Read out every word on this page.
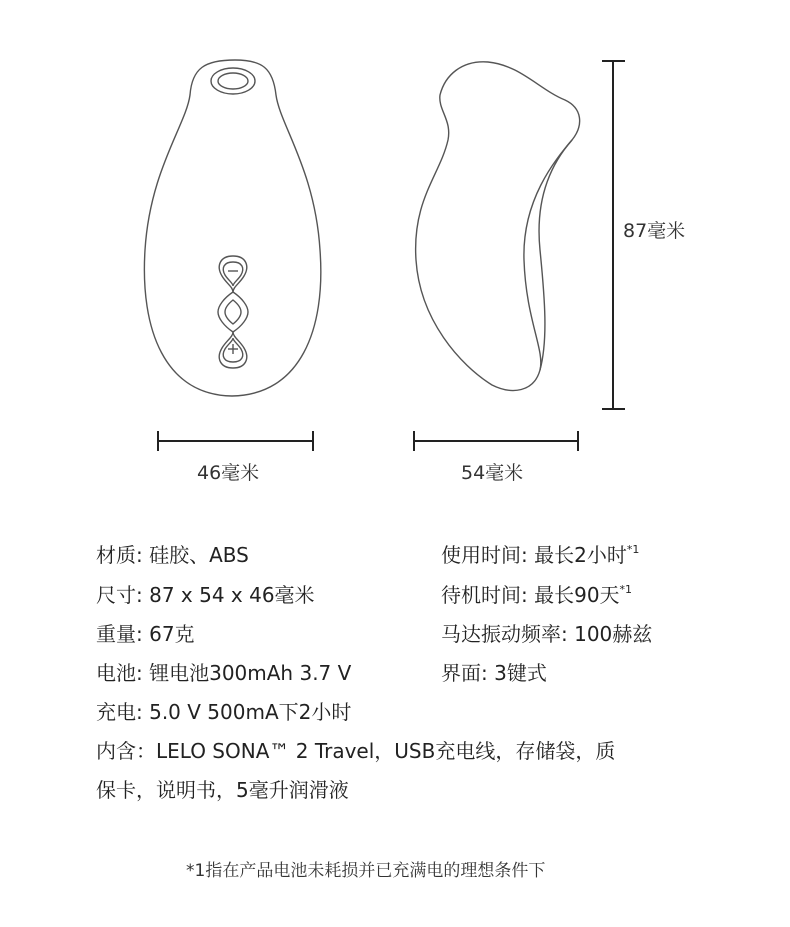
46毫米	54毫米
87毫米
材质: 硅胶、ABS
尺寸: 87 x 54 x 46毫米
重量: 67克
电池: 锂电池300mAh 3.7 V
充电: 5.0 V 500mA下2小时
使用时间: 最长2小时$^{*1}$
待机时间: 最长90天$^{*1}$
马达振动频率: 100赫兹
界面: 3键式
内含：LELO SONA™ 2 Travel，USB充电线，存储袋，质
保卡，说明书，5毫升润滑液
*1指在产品电池未耗损并已充满电的理想条件下
